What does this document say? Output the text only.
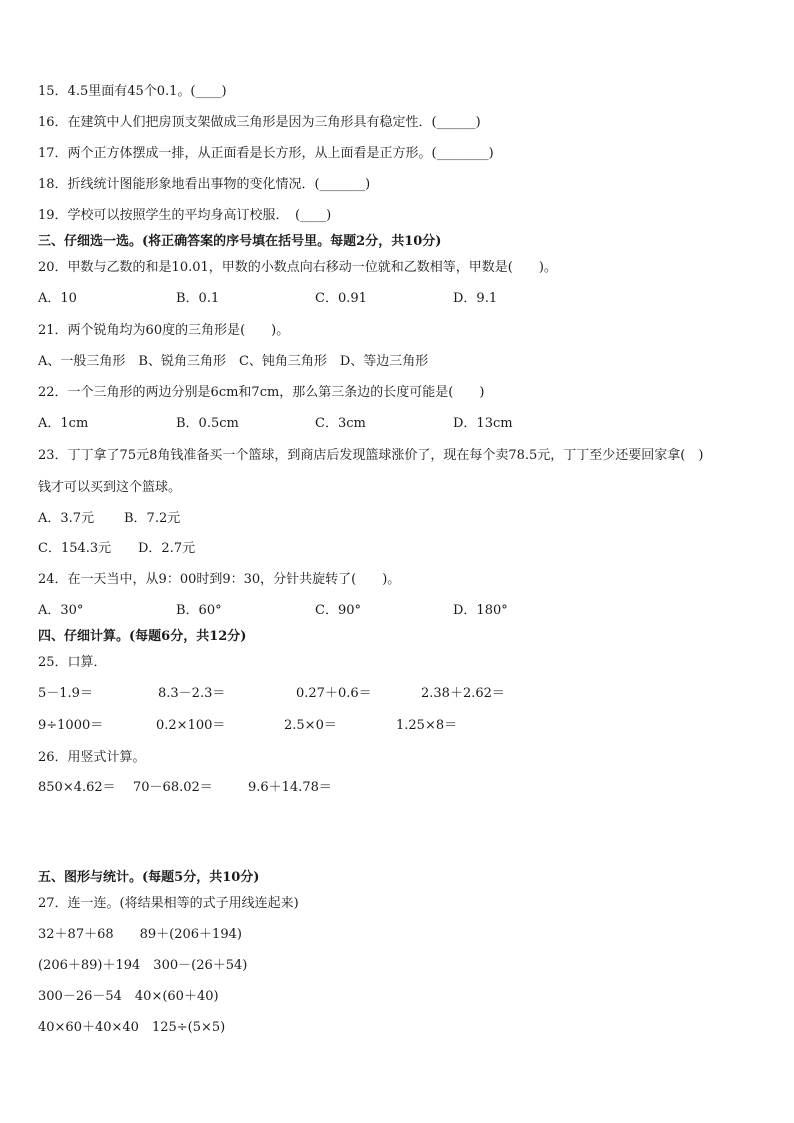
15．4.5里面有45个0.1。(____)
16．在建筑中人们把房顶支架做成三角形是因为三角形具有稳定性．(______)
17．两个正方体摆成一排，从正面看是长方形，从上面看是正方形。(________)
18．折线统计图能形象地看出事物的变化情况．(_______)
19．学校可以按照学生的平均身高订校服．　(____)
三、仔细选一选。(将正确答案的序号填在括号里。每题2分，共10分)
20．甲数与乙数的和是10.01，甲数的小数点向右移动一位就和乙数相等，甲数是(　　)。
A．10	B．0.1	C．0.91	D．9.1
21．两个锐角均为60度的三角形是(　　)。
A、一般三角形　B、锐角三角形　C、钝角三角形　D、等边三角形
22．一个三角形的两边分别是6cm和7cm，那么第三条边的长度可能是(　　)
A．1cm	B．0.5cm	C．3cm	D．13cm
23．丁丁拿了75元8角钱准备买一个篮球，到商店后发现篮球涨价了，现在每个卖78.5元，丁丁至少还要回家拿(　)
钱才可以买到这个篮球。
A．3.7元 B．7.2元
C．154.3元 D．2.7元
24．在一天当中，从9：00时到9：30，分针共旋转了(　　)。
A．30°	B．60°	C．90°	D．180°
四、仔细计算。(每题6分，共12分)
25．口算．
5－1.9＝	8.3－2.3＝	0.27＋0.6＝	2.38＋2.62＝
9÷1000＝	0.2×100＝	2.5×0＝	1.25×8＝
26．用竖式计算。
850×4.62＝ 70－68.02＝	9.6＋14.78＝
五、图形与统计。(每题5分，共10分)
27．连一连。(将结果相等的式子用线连起来)
32＋87＋68　　89＋(206＋194)
(206＋89)＋194　300－(26＋54)
300－26－54　40×(60＋40)
40×60＋40×40　125÷(5×5)
